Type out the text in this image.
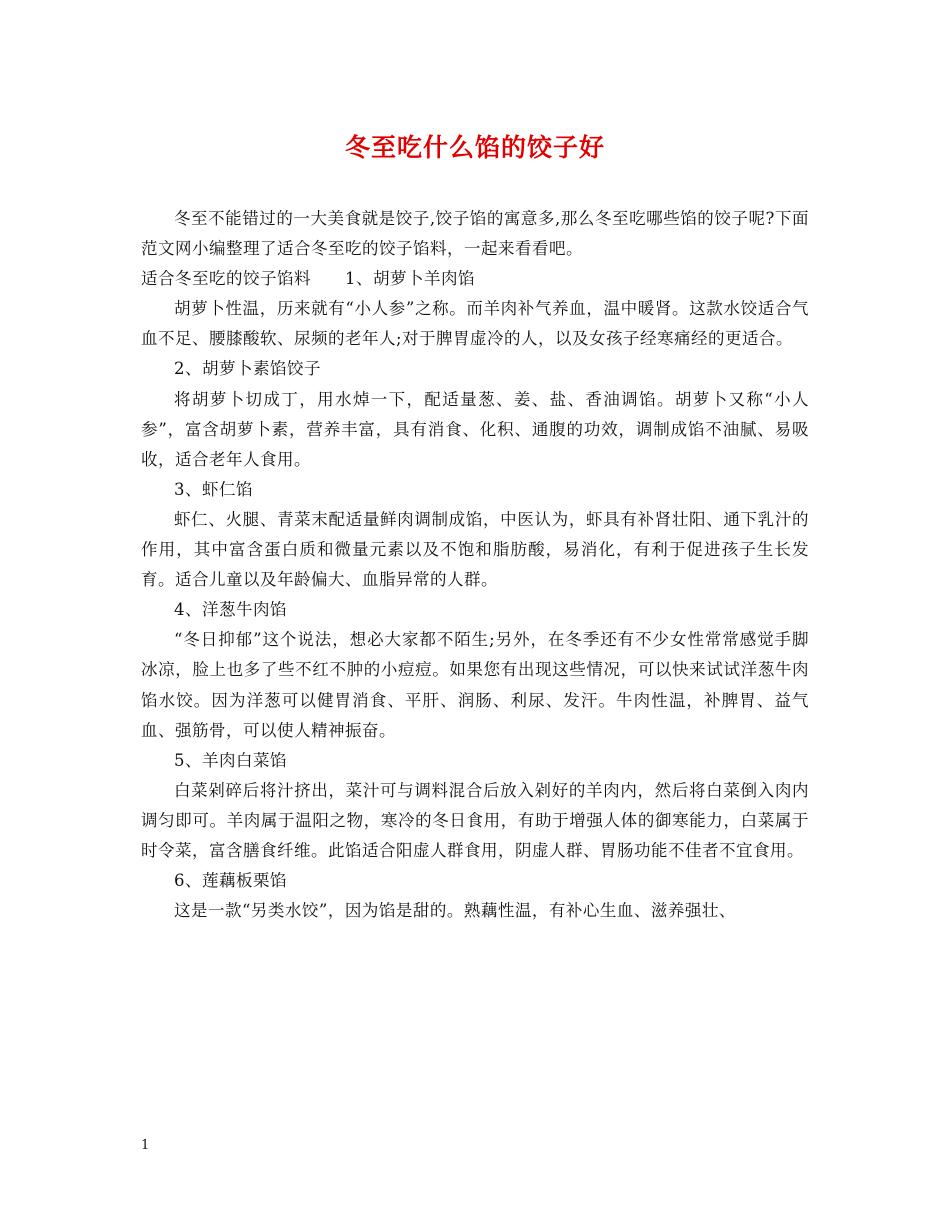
冬至吃什么馅的饺子好

冬至不能错过的一大美食就是饺子,饺子馅的寓意多,那么冬至吃哪些馅的饺子呢?下面范文网小编整理了适合冬至吃的饺子馅料，一起来看看吧。

适合冬至吃的饺子馅料　　1、胡萝卜羊肉馅

胡萝卜性温，历来就有“小人参”之称。而羊肉补气养血，温中暖肾。这款水饺适合气血不足、腰膝酸软、尿频的老年人;对于脾胃虚冷的人，以及女孩子经寒痛经的更适合。

2、胡萝卜素馅饺子

将胡萝卜切成丁，用水焯一下，配适量葱、姜、盐、香油调馅。胡萝卜又称“小人参”，富含胡萝卜素，营养丰富，具有消食、化积、通腹的功效，调制成馅不油腻、易吸收，适合老年人食用。

3、虾仁馅

虾仁、火腿、青菜末配适量鲜肉调制成馅，中医认为，虾具有补肾壮阳、通下乳汁的作用，其中富含蛋白质和微量元素以及不饱和脂肪酸，易消化，有利于促进孩子生长发育。适合儿童以及年龄偏大、血脂异常的人群。

4、洋葱牛肉馅

“冬日抑郁”这个说法，想必大家都不陌生;另外，在冬季还有不少女性常常感觉手脚冰凉，脸上也多了些不红不肿的小痘痘。如果您有出现这些情况，可以快来试试洋葱牛肉馅水饺。因为洋葱可以健胃消食、平肝、润肠、利尿、发汗。牛肉性温，补脾胃、益气血、强筋骨，可以使人精神振奋。

5、羊肉白菜馅

白菜剁碎后将汁挤出，菜汁可与调料混合后放入剁好的羊肉内，然后将白菜倒入肉内调匀即可。羊肉属于温阳之物，寒冷的冬日食用，有助于增强人体的御寒能力，白菜属于时令菜，富含膳食纤维。此馅适合阳虚人群食用，阴虚人群、胃肠功能不佳者不宜食用。

6、莲藕板栗馅

这是一款“另类水饺”，因为馅是甜的。熟藕性温，有补心生血、滋养强壮、

1
